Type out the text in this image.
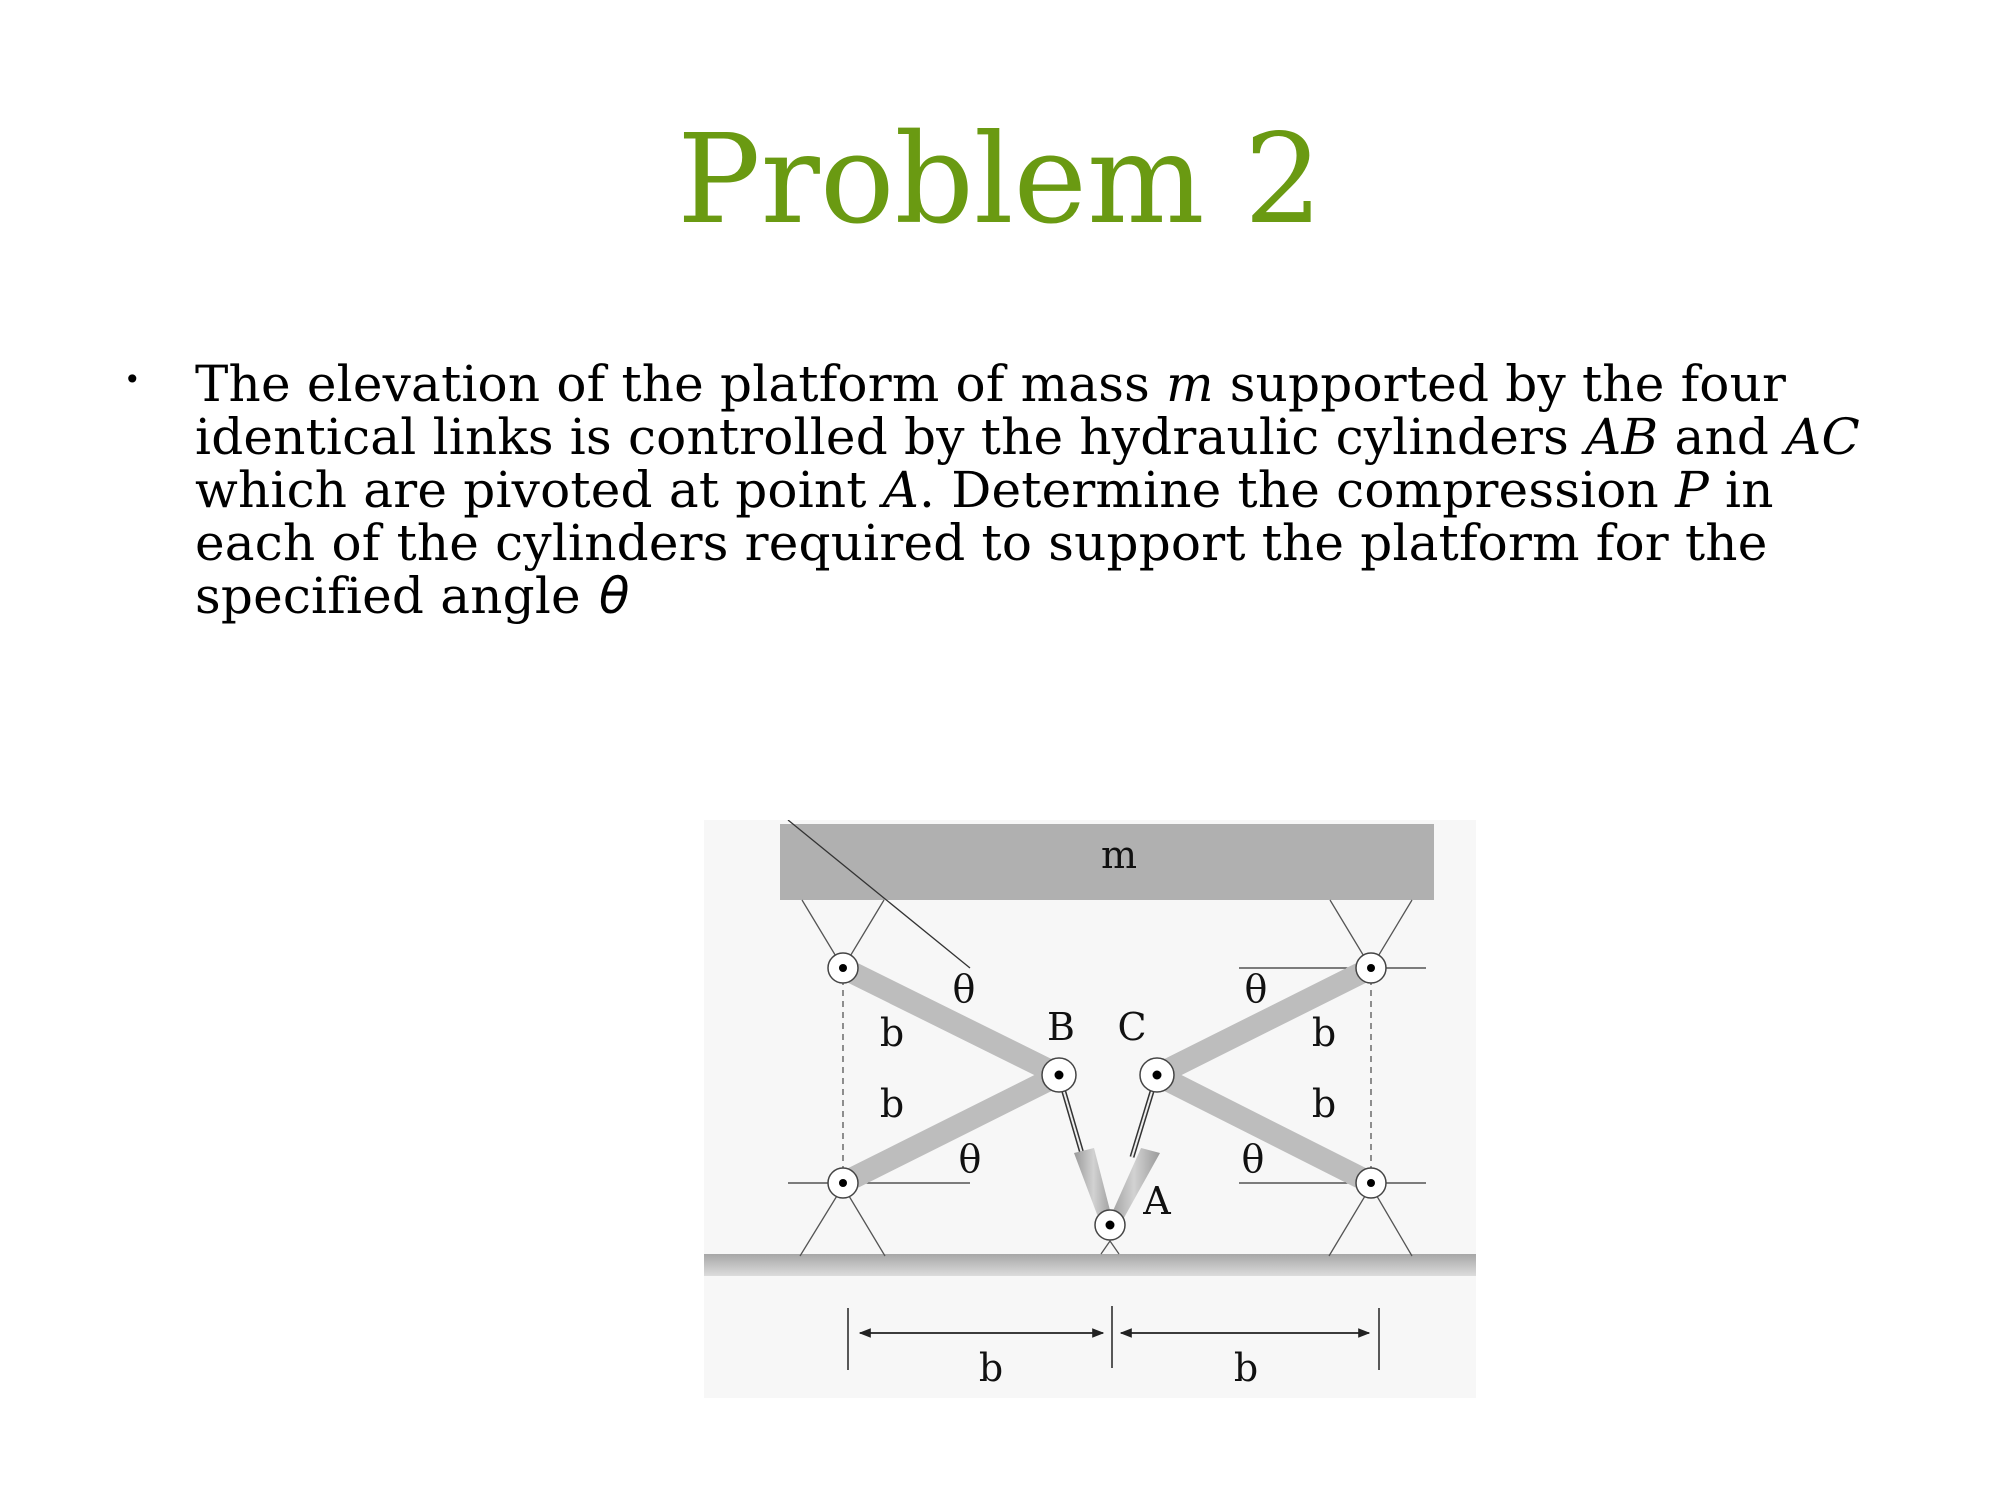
Problem 2
• The elevation of the platform of mass m supported by the four
identical links is controlled by the hydraulic cylinders AB and AC
which are pivoted at point A. Determine the compression P in
each of the cylinders required to support the platform for the
specified angle θ
m
θ	θ
θ	θ
b
b
b
b
B C
A
b	b
